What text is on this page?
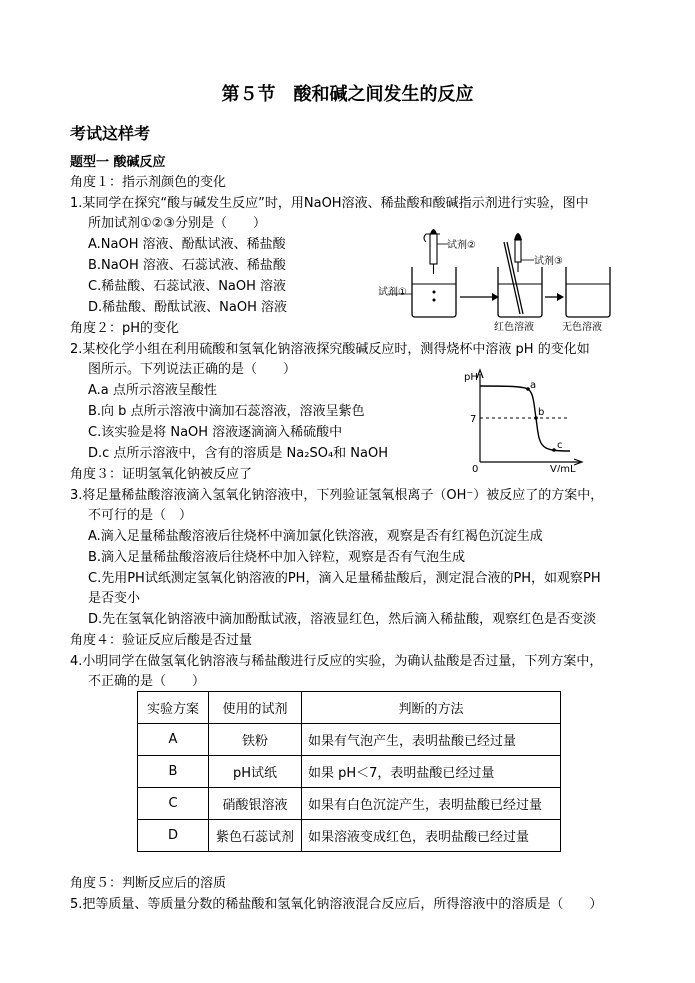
第５节　酸和碱之间发生的反应
考试这样考
题型一 酸碱反应
角度１：指示剂颜色的变化
1.某同学在探究“酸与碱发生反应”时，用NaOH溶液、稀盐酸和酸碱指示剂进行实验，图中
所加试剂①②③分别是（　　）
A.NaOH 溶液、酚酞试液、稀盐酸
B.NaOH 溶液、石蕊试液、稀盐酸
C.稀盐酸、石蕊试液、NaOH 溶液
D.稀盐酸、酚酞试液、NaOH 溶液
试剂①
试剂②
试剂③
红色溶液	无色溶液
角度２：pH的变化
2.某校化学小组在利用硫酸和氢氧化钠溶液探究酸碱反应时，测得烧杯中溶液 pH 的变化如
图所示。下列说法正确的是（　　）
A.a 点所示溶液呈酸性
B.向 b 点所示溶液中滴加石蕊溶液，溶液呈紫色
C.该实验是将 NaOH 溶液逐滴滴入稀硫酸中
D.c 点所示溶液中，含有的溶质是 Na₂SO₄和 NaOH
pH
7
0	V/mL
a
b
c
角度３：证明氢氧化钠被反应了
3.将足量稀盐酸溶液滴入氢氧化钠溶液中，下列验证氢氧根离子（OH⁻）被反应了的方案中，
不可行的是（　）
A.滴入足量稀盐酸溶液后往烧杯中滴加氯化铁溶液，观察是否有红褐色沉淀生成
B.滴入足量稀盐酸溶液后往烧杯中加入锌粒，观察是否有气泡生成
C.先用PH试纸测定氢氧化钠溶液的PH，滴入足量稀盐酸后，测定混合液的PH，如观察PH
是否变小
D.先在氢氧化钠溶液中滴加酚酞试液，溶液显红色，然后滴入稀盐酸，观察红色是否变淡
角度４：验证反应后酸是否过量
4.小明同学在做氢氧化钠溶液与稀盐酸进行反应的实验，为确认盐酸是否过量，下列方案中，
不正确的是（　　）
实验方案	使用的试剂	判断的方法
A	铁粉	如果有气泡产生，表明盐酸已经过量
B	pH试纸	如果 pH＜7，表明盐酸已经过量
C	硝酸银溶液	如果有白色沉淀产生，表明盐酸已经过量
D	紫色石蕊试剂	如果溶液变成红色，表明盐酸已经过量
角度５：判断反应后的溶质
5.把等质量、等质量分数的稀盐酸和氢氧化钠溶液混合反应后，所得溶液中的溶质是（　　）
